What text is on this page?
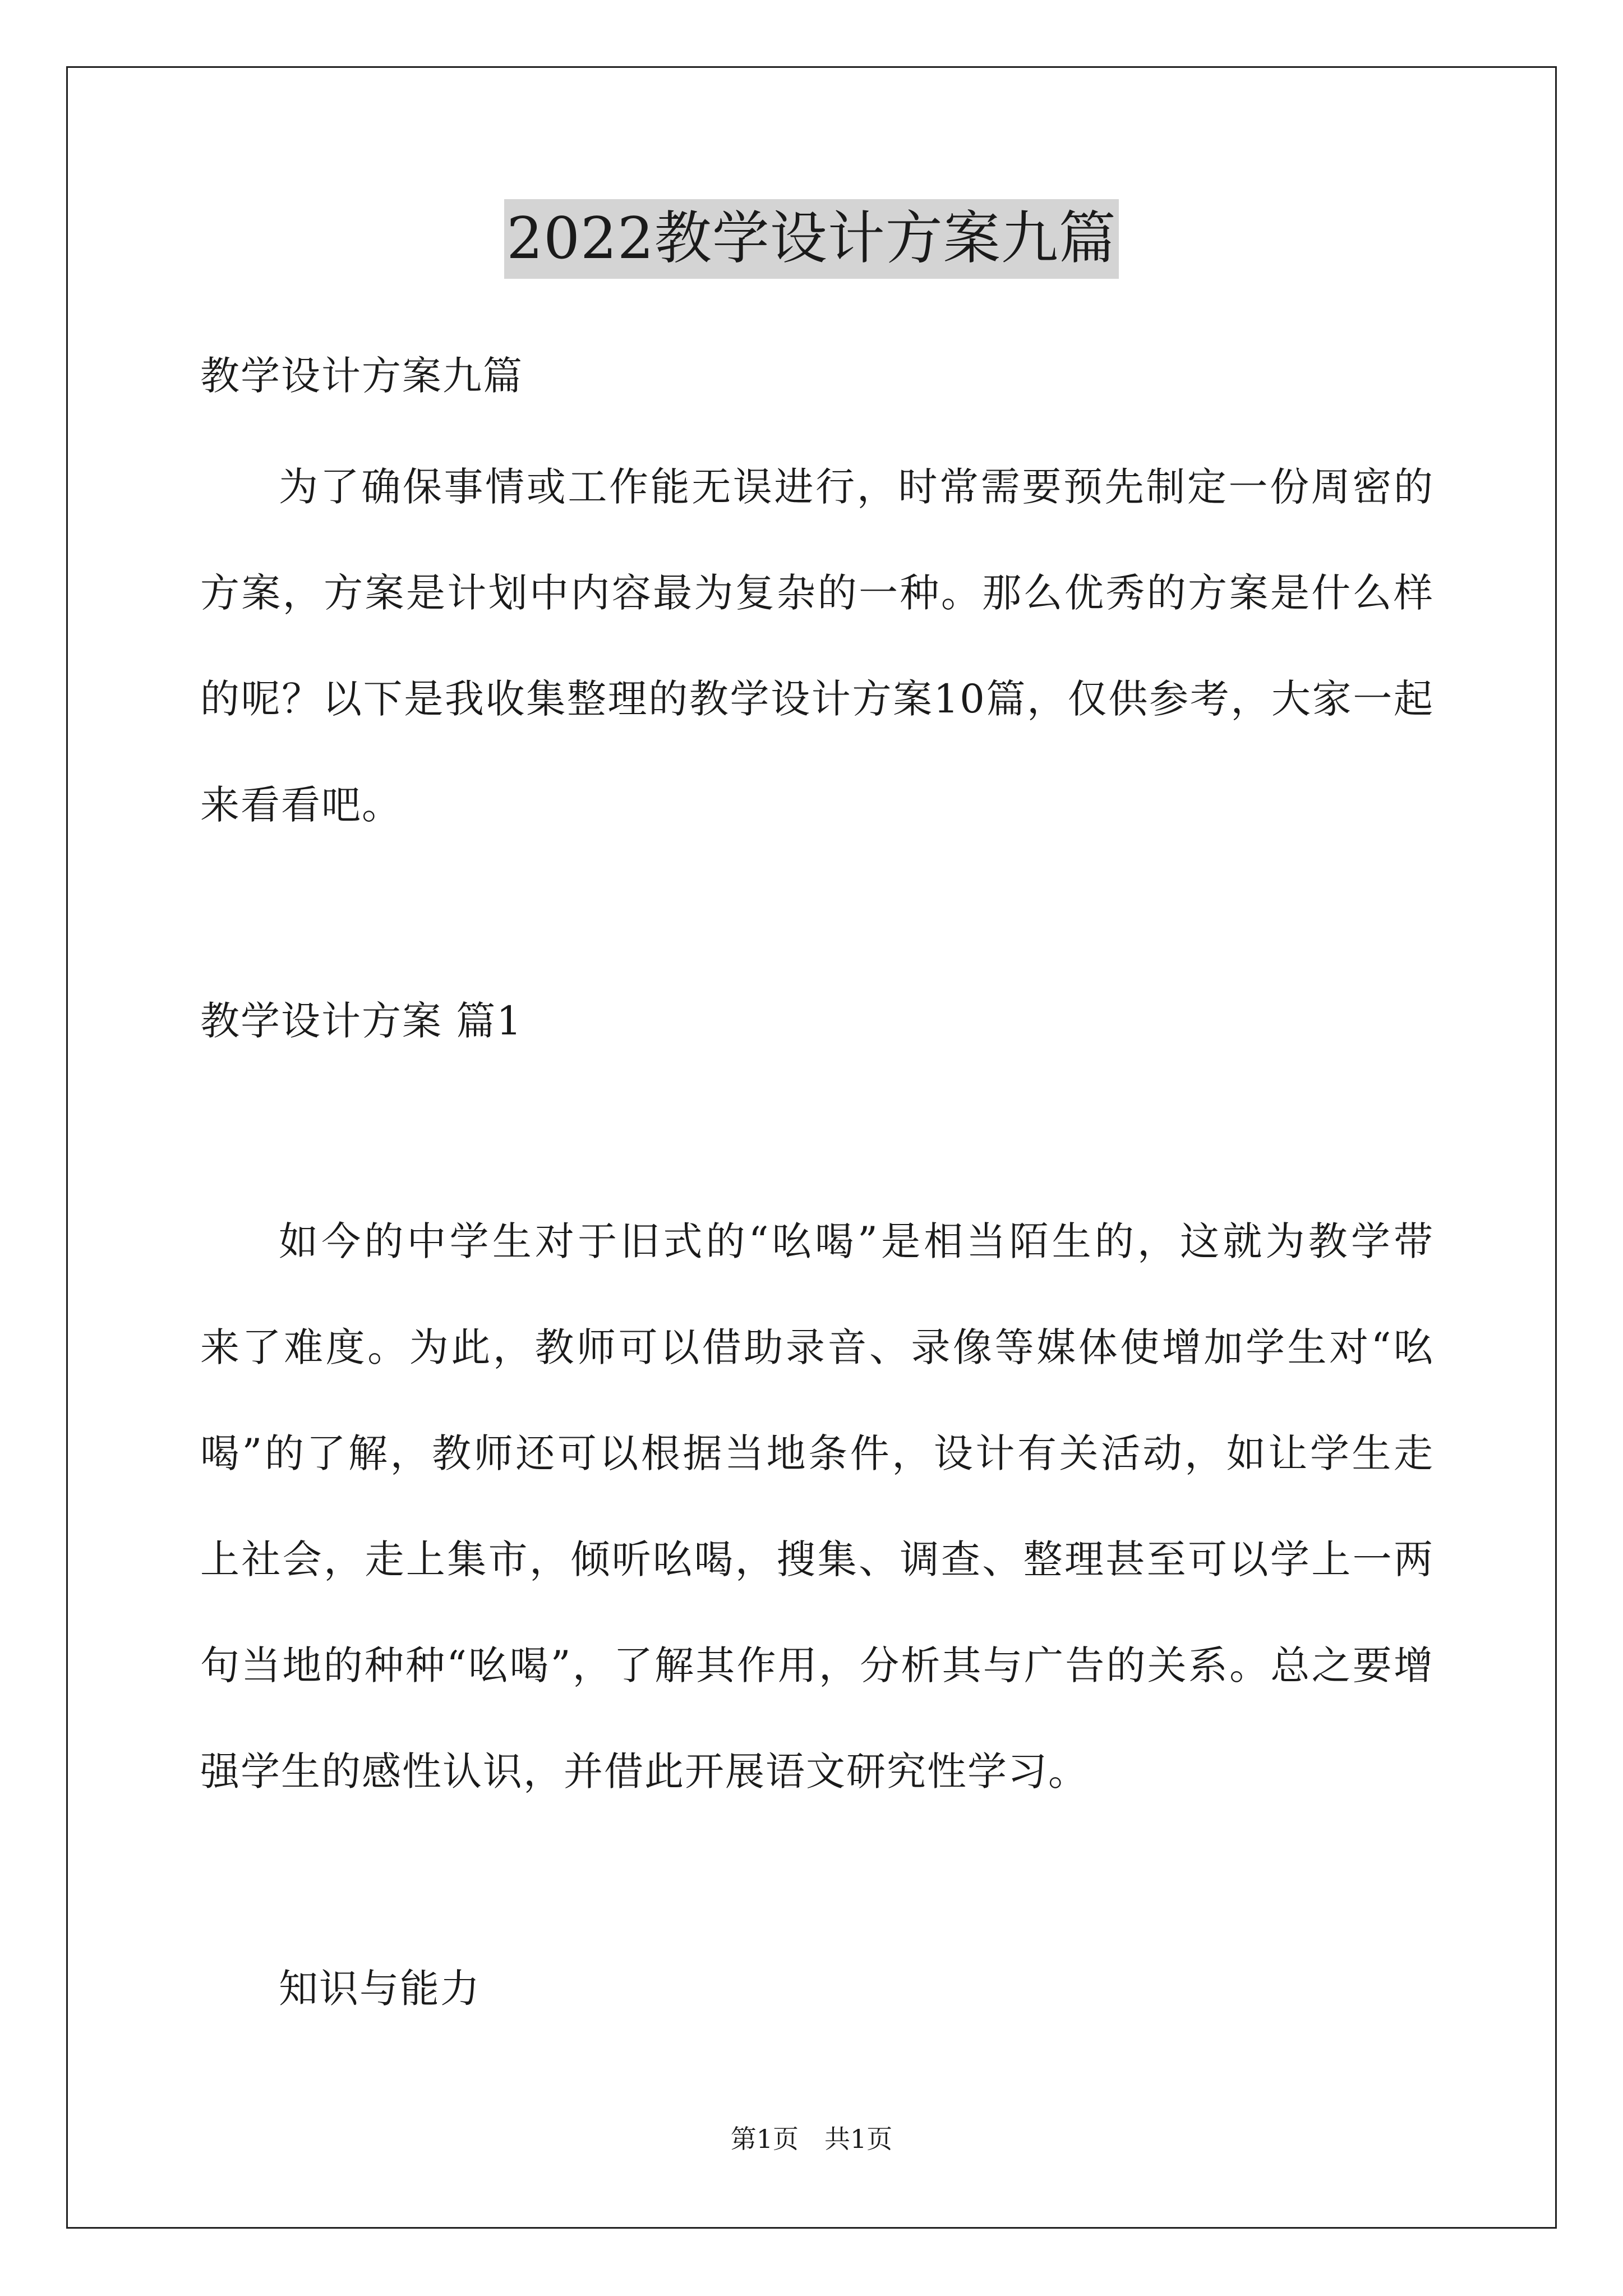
2022教学设计方案九篇
教学设计方案九篇
为了确保事情或工作能无误进行，时常需要预先制定一份周密的
方案，方案是计划中内容最为复杂的一种。那么优秀的方案是什么样
的呢？以下是我收集整理的教学设计方案10篇，仅供参考，大家一起
来看看吧。
教学设计方案 篇1
如今的中学生对于旧式的“吆喝”是相当陌生的，这就为教学带
来了难度。为此，教师可以借助录音、录像等媒体使增加学生对“吆
喝”的了解，教师还可以根据当地条件，设计有关活动，如让学生走
上社会，走上集市，倾听吆喝，搜集、调查、整理甚至可以学上一两
句当地的种种“吆喝”，了解其作用，分析其与广告的关系。总之要增
强学生的感性认识，并借此开展语文研究性学习。
知识与能力
第1页　共1页
